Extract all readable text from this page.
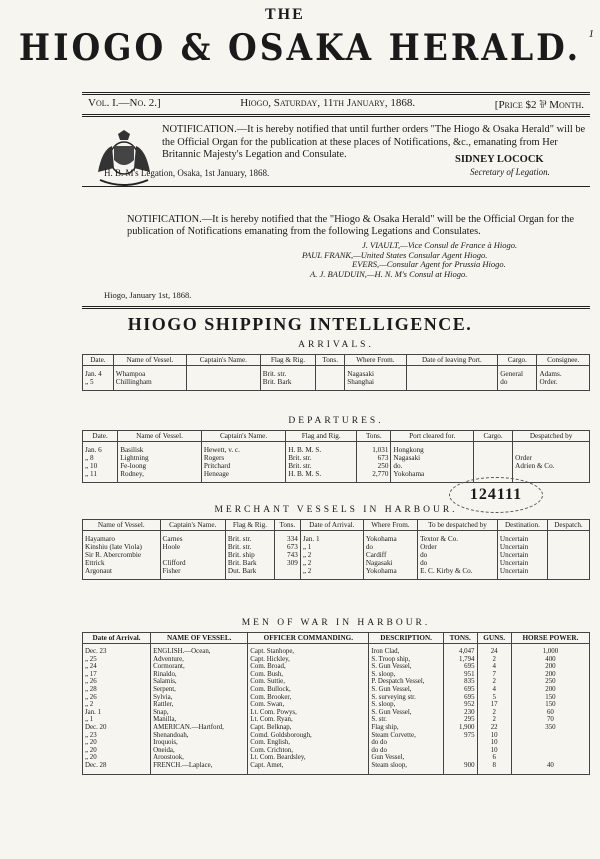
1
THE
HIOGO & OSAKA HERALD.
Vol. I.—No. 2.]	Hiogo, Saturday, 11th January, 1868.	[Price $2 ⅌ Month.
NOTIFICATION.—It is hereby notified that until further orders "The Hiogo & Osaka Herald" will be the Official Organ for the publication at these places of Notifications, &c., emanating from Her Britannic Majesty's Legation and Consulate.	SIDNEY LOCOCK
Secretary of Legation.
H. B. M's Legation, Osaka, 1st January, 1868.
NOTIFICATION.—It is hereby notified that the "Hiogo & Osaka Herald" will be the Official Organ for the publication of Notifications emanating from the following Legations and Consulates.
J. VIAULT,—Vice Consul de France à Hiogo.
PAUL FRANK,—United States Consular Agent Hiogo.
EVERS,—Consular Agent for Prussia Hiogo.
A. J. BAUDUIN,—H. N. M's Consul at Hiogo.
Hiogo, January 1st, 1868.
HIOGO SHIPPING INTELLIGENCE.
ARRIVALS.
Date.	Name of Vessel.	Captain's Name.	Flag & Rig.	Tons.	Where From.	Date of leaving Port.	Cargo.	Consignee.
Jan. 4	Whampoa		Brit. str.		Nagasaki		General	Adams.
„ 5	Chillingham		Brit. Bark		Shanghai		do	Order.
DEPARTURES.
Date.	Name of Vessel.	Captain's Name.	Flag and Rig.	Tons.	Port cleared for.	Cargo.	Despatched by
Jan. 6	Basilisk	Hewett, v. c.	H. B. M. S.	1,031	Hongkong		
„ 8	Lightning	Rogers	Brit. str.	673	Nagasaki		Order
„ 10	Fe-loong	Pritchard	Brit. str.	250	do.		Adrien & Co.
„ 11	Rodney,	Heneage	H. B. M. S.	2,770	Yokohama		
124111
MERCHANT VESSELS IN HARBOUR.
Name of Vessel.	Captain's Name.	Flag & Rig.	Tons.	Date of Arrival.	Where From.	To be despatched by	Destination.	Despatch.
Hayamaro	Carnes	Brit. str.	334	Jan. 1	Yokohama	Textor & Co.	Uncertain	
Kinshiu (late Viola)	Hoole	Brit. str.	673	„ 1	do	Order	Uncertain	
Sir R. Abercrombie		Brit. ship	743	„ 2	Cardiff	do	Uncertain	
Ettrick	Clifford	Brit. Bark	309	„ 2	Nagasaki	do	Uncertain	
Argonaut	Fisher	Dut. Bark		„ 2	Yokohama	E. C. Kirby & Co.	Uncertain	
MEN OF WAR IN HARBOUR.
Date of Arrival.	NAME OF VESSEL.	OFFICER COMMANDING.	DESCRIPTION.	TONS.	GUNS.	HORSE POWER.
Dec. 23	ENGLISH.—Ocean,	Capt. Stanhope,	Iron Clad,	4,047	24	1,000
„ 25	Adventure,	Capt. Hickley,	S. Troop ship,	1,794	2	400
„ 24	Cormorant,	Com. Broad,	S. Gun Vessel,	695	4	200
„ 17	Rinaldo,	Com. Bush,	S. sloop,	951	7	200
„ 26	Salamis,	Com. Suttie,	P. Despatch Vessel,	835	2	250
„ 28	Serpent,	Com. Bullock,	S. Gun Vessel,	695	4	200
„ 26	Sylvia,	Com. Brooker,	S. surveying str.	695	5	150
„ 2	Rattler,	Com. Swan,	S. sloop,	952	17	150
Jan. 1	Snap,	Lt. Com. Powys,	S. Gun Vessel,	230	2	60
„ 1	Manilla,	Lt. Com. Ryan,	S. str.	295	2	70

Dec. 20	AMERICAN.—Hartford,	Capt. Belknap,	Flag ship,	1,900	22	350
„ 23	Shenandoah,	Comd. Goldsborough,	Steam Corvette,	975	10	
„ 20	Iroquois,	Com. English,	do do		10	
„ 20	Oneida,	Com. Crichton,	do do		10	
„ 20	Aroostook,	Lt. Com. Beardsley,	Gun Vessel,		6	

Dec. 28	FRENCH.—Laplace,	Capt. Amet,	Steam sloop,	900	8	40
